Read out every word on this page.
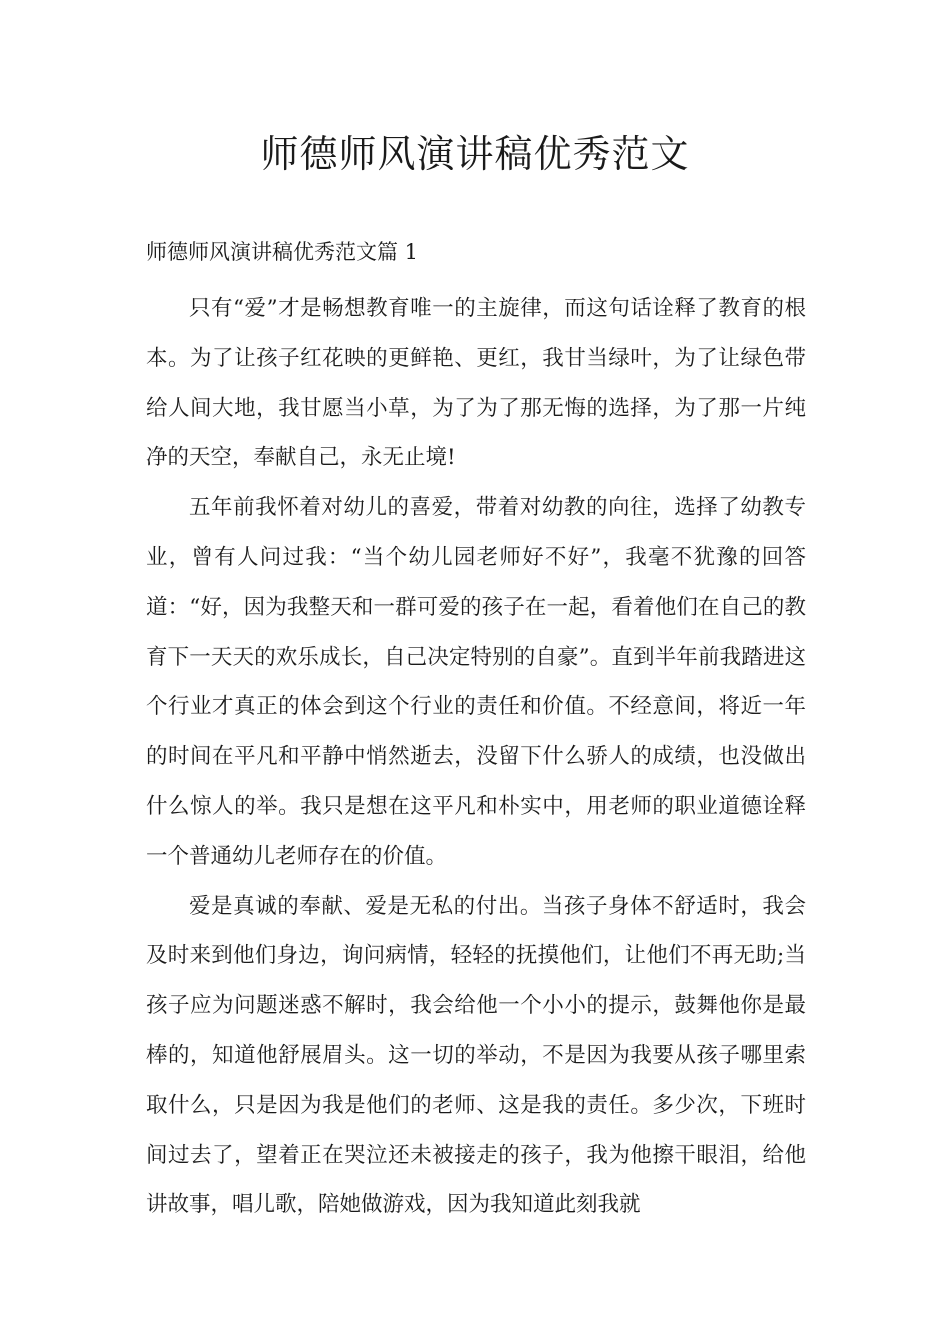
师德师风演讲稿优秀范文
师德师风演讲稿优秀范文篇 1

只有“爱”才是畅想教育唯一的主旋律，而这句话诠释了教育的根本。为了让孩子红花映的更鲜艳、更红，我甘当绿叶，为了让绿色带给人间大地，我甘愿当小草，为了为了那无悔的选择，为了那一片纯净的天空，奉献自己，永无止境!

五年前我怀着对幼儿的喜爱，带着对幼教的向往，选择了幼教专业，曾有人问过我：“当个幼儿园老师好不好”，我毫不犹豫的回答道：“好，因为我整天和一群可爱的孩子在一起，看着他们在自己的教育下一天天的欢乐成长，自己决定特别的自豪”。直到半年前我踏进这个行业才真正的体会到这个行业的责任和价值。不经意间，将近一年的时间在平凡和平静中悄然逝去，没留下什么骄人的成绩，也没做出什么惊人的举。我只是想在这平凡和朴实中，用老师的职业道德诠释一个普通幼儿老师存在的价值。

爱是真诚的奉献、爱是无私的付出。当孩子身体不舒适时，我会及时来到他们身边，询问病情，轻轻的抚摸他们，让他们不再无助;当孩子应为问题迷惑不解时，我会给他一个小小的提示，鼓舞他你是最棒的，知道他舒展眉头。这一切的举动，不是因为我要从孩子哪里索取什么，只是因为我是他们的老师、这是我的责任。多少次，下班时间过去了，望着正在哭泣还未被接走的孩子，我为他擦干眼泪，给他讲故事，唱儿歌，陪她做游戏，因为我知道此刻我就
